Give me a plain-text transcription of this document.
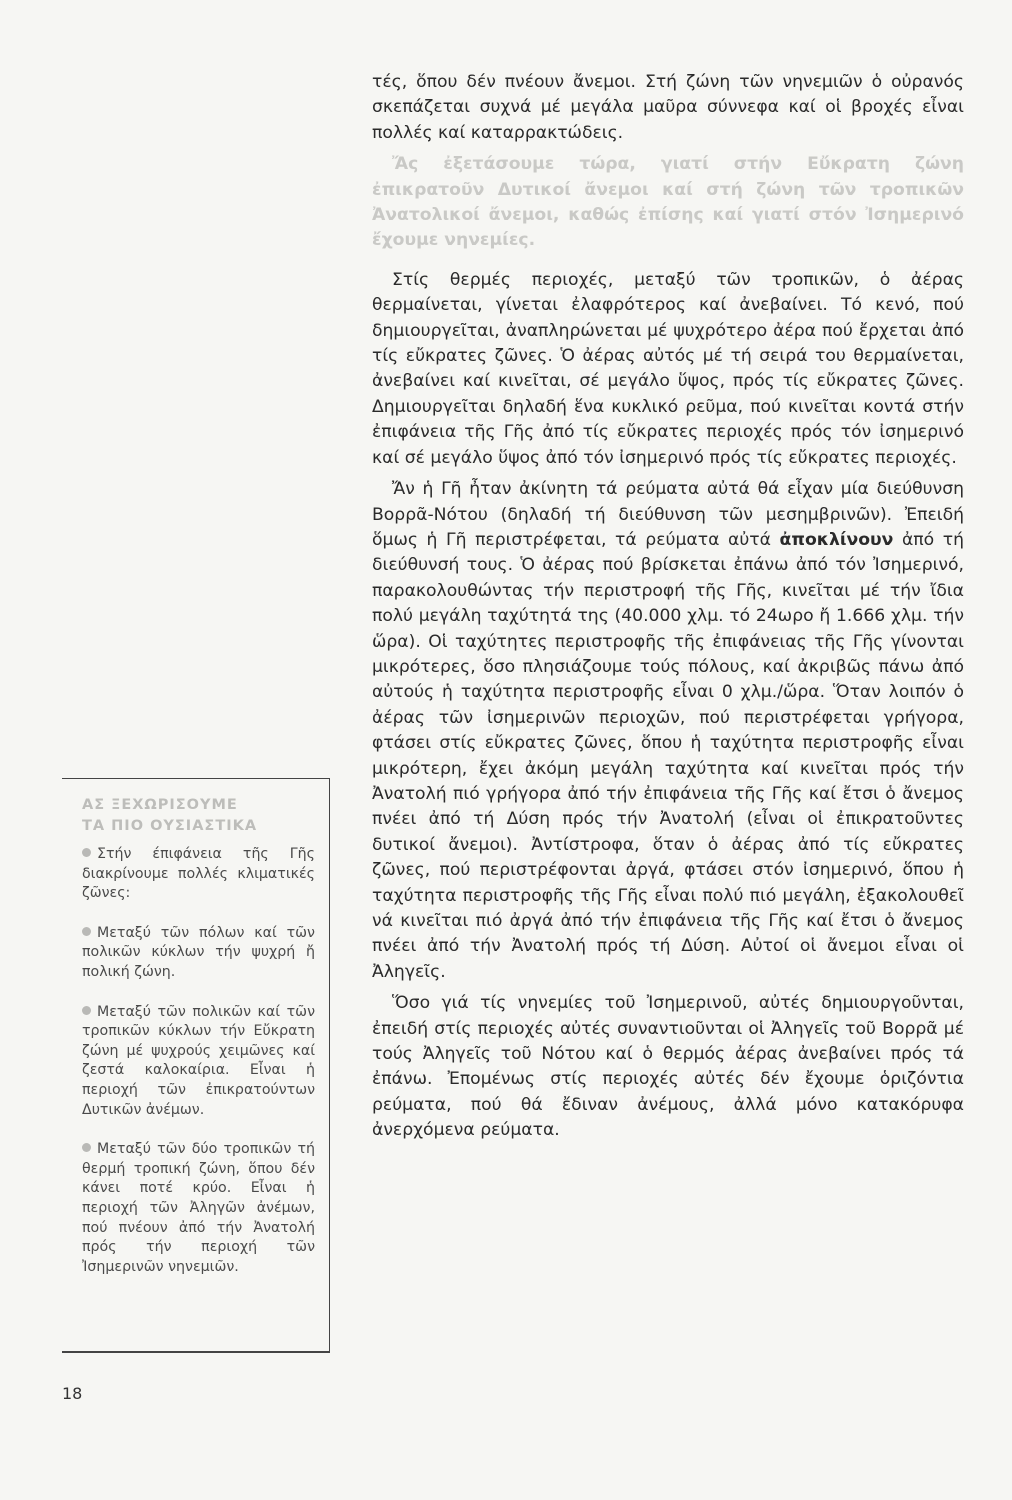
τές, ὅπου δέν πνέουν ἄνεμοι. Στή ζώνη τῶν νηνεμιῶν ὁ οὐρανός σκεπάζεται συχνά μέ μεγάλα μαῦρα σύννεφα καί οἱ βροχές εἶναι πολλές καί καταρρακτώδεις.

Ἄς ἐξετάσουμε τώρα, γιατί στήν Εὔκρατη ζώνη ἐπικρατοῦν Δυτικοί ἄνεμοι καί στή ζώνη τῶν τροπικῶν Ἀνατολικοί ἄνεμοι, καθώς ἐπίσης καί γιατί στόν Ἰσημερινό ἔχουμε νηνεμίες.

Στίς θερμές περιοχές, μεταξύ τῶν τροπικῶν, ὁ ἀέρας θερμαίνεται, γίνεται ἐλαφρότερος καί ἀνεβαίνει. Τό κενό, πού δημιουργεῖται, ἀναπληρώνεται μέ ψυχρότερο ἀέρα πού ἔρχεται ἀπό τίς εὔκρατες ζῶνες. Ὁ ἀέρας αὐτός μέ τή σειρά του θερμαίνεται, ἀνεβαίνει καί κινεῖται, σέ μεγάλο ὕψος, πρός τίς εὔκρατες ζῶνες. Δημιουργεῖται δηλαδή ἕνα κυκλικό ρεῦμα, πού κινεῖται κοντά στήν ἐπιφάνεια τῆς Γῆς ἀπό τίς εὔκρατες περιοχές πρός τόν ἰσημερινό καί σέ μεγάλο ὕψος ἀπό τόν ἰσημερινό πρός τίς εὔκρατες περιοχές.

Ἄν ἡ Γῆ ἦταν ἀκίνητη τά ρεύματα αὐτά θά εἶχαν μία διεύθυνση Βορρᾶ-Νότου (δηλαδή τή διεύθυνση τῶν μεσημβρινῶν). Ἐπειδή ὅμως ἡ Γῆ περιστρέφεται, τά ρεύματα αὐτά ἀποκλίνουν ἀπό τή διεύθυνσή τους. Ὁ ἀέρας πού βρίσκεται ἐπάνω ἀπό τόν Ἰσημερινό, παρακολουθώντας τήν περιστροφή τῆς Γῆς, κινεῖται μέ τήν ἴδια πολύ μεγάλη ταχύτητά της (40.000 χλμ. τό 24ωρο ἤ 1.666 χλμ. τήν ὥρα). Οἱ ταχύτητες περιστροφῆς τῆς ἐπιφάνειας τῆς Γῆς γίνονται μικρότερες, ὅσο πλησιάζουμε τούς πόλους, καί ἀκριβῶς πάνω ἀπό αὐτούς ἡ ταχύτητα περιστροφῆς εἶναι 0 χλμ./ὥρα. Ὅταν λοιπόν ὁ ἀέρας τῶν ἰσημερινῶν περιοχῶν, πού περιστρέφεται γρήγορα, φτάσει στίς εὔκρατες ζῶνες, ὅπου ἡ ταχύτητα περιστροφῆς εἶναι μικρότερη, ἔχει ἀκόμη μεγάλη ταχύτητα καί κινεῖται πρός τήν Ἀνατολή πιό γρήγορα ἀπό τήν ἐπιφάνεια τῆς Γῆς καί ἔτσι ὁ ἄνεμος πνέει ἀπό τή Δύση πρός τήν Ἀνατολή (εἶναι οἱ ἐπικρατοῦντες δυτικοί ἄνεμοι). Ἀντίστροφα, ὅταν ὁ ἀέρας ἀπό τίς εὔκρατες ζῶνες, πού περιστρέφονται ἀργά, φτάσει στόν ἰσημερινό, ὅπου ἡ ταχύτητα περιστροφῆς τῆς Γῆς εἶναι πολύ πιό μεγάλη, ἐξακολουθεῖ νά κινεῖται πιό ἀργά ἀπό τήν ἐπιφάνεια τῆς Γῆς καί ἔτσι ὁ ἄνεμος πνέει ἀπό τήν Ἀνατολή πρός τή Δύση. Αὐτοί οἱ ἄνεμοι εἶναι οἱ Ἀληγεῖς.

Ὅσο γιά τίς νηνεμίες τοῦ Ἰσημερινοῦ, αὐτές δημιουργοῦνται, ἐπειδή στίς περιοχές αὐτές συναντιοῦνται οἱ Ἀληγεῖς τοῦ Βορρᾶ μέ τούς Ἀληγεῖς τοῦ Νότου καί ὁ θερμός ἀέρας ἀνεβαίνει πρός τά ἐπάνω. Ἐπομένως στίς περιοχές αὐτές δέν ἔχουμε ὁριζόντια ρεύματα, πού θά ἔδιναν ἀνέμους, ἀλλά μόνο κατακόρυφα ἀνερχόμενα ρεύματα.

ΑΣ ΞΕΧΩΡΙΣΟΥΜΕ
ΤΑ ΠΙΟ ΟΥΣΙΑΣΤΙΚΑ
Στήν έπιφάνεια τῆς Γῆς διακρίνουμε πολλές κλιματικές ζῶνες:
Μεταξύ τῶν πόλων καί τῶν πολικῶν κύκλων τήν ψυχρή ἤ πολική ζώνη.
Μεταξύ τῶν πολικῶν καί τῶν τροπικῶν κύκλων τήν Εὔκρατη ζώνη μέ ψυχρούς χειμῶνες καί ζεστά καλοκαίρια. Εἶναι ἡ περιοχή τῶν ἐπικρατούντων Δυτικῶν ἀνέμων.
Μεταξύ τῶν δύο τροπικῶν τή θερμή τροπική ζώνη, ὅπου δέν κάνει ποτέ κρύο. Εἶναι ἡ περιοχή τῶν Ἀληγῶν ἀνέμων, πού πνέουν ἀπό τήν Ἀνατολή πρός τήν περιοχή τῶν Ἰσημερινῶν νηνεμιῶν.
18
